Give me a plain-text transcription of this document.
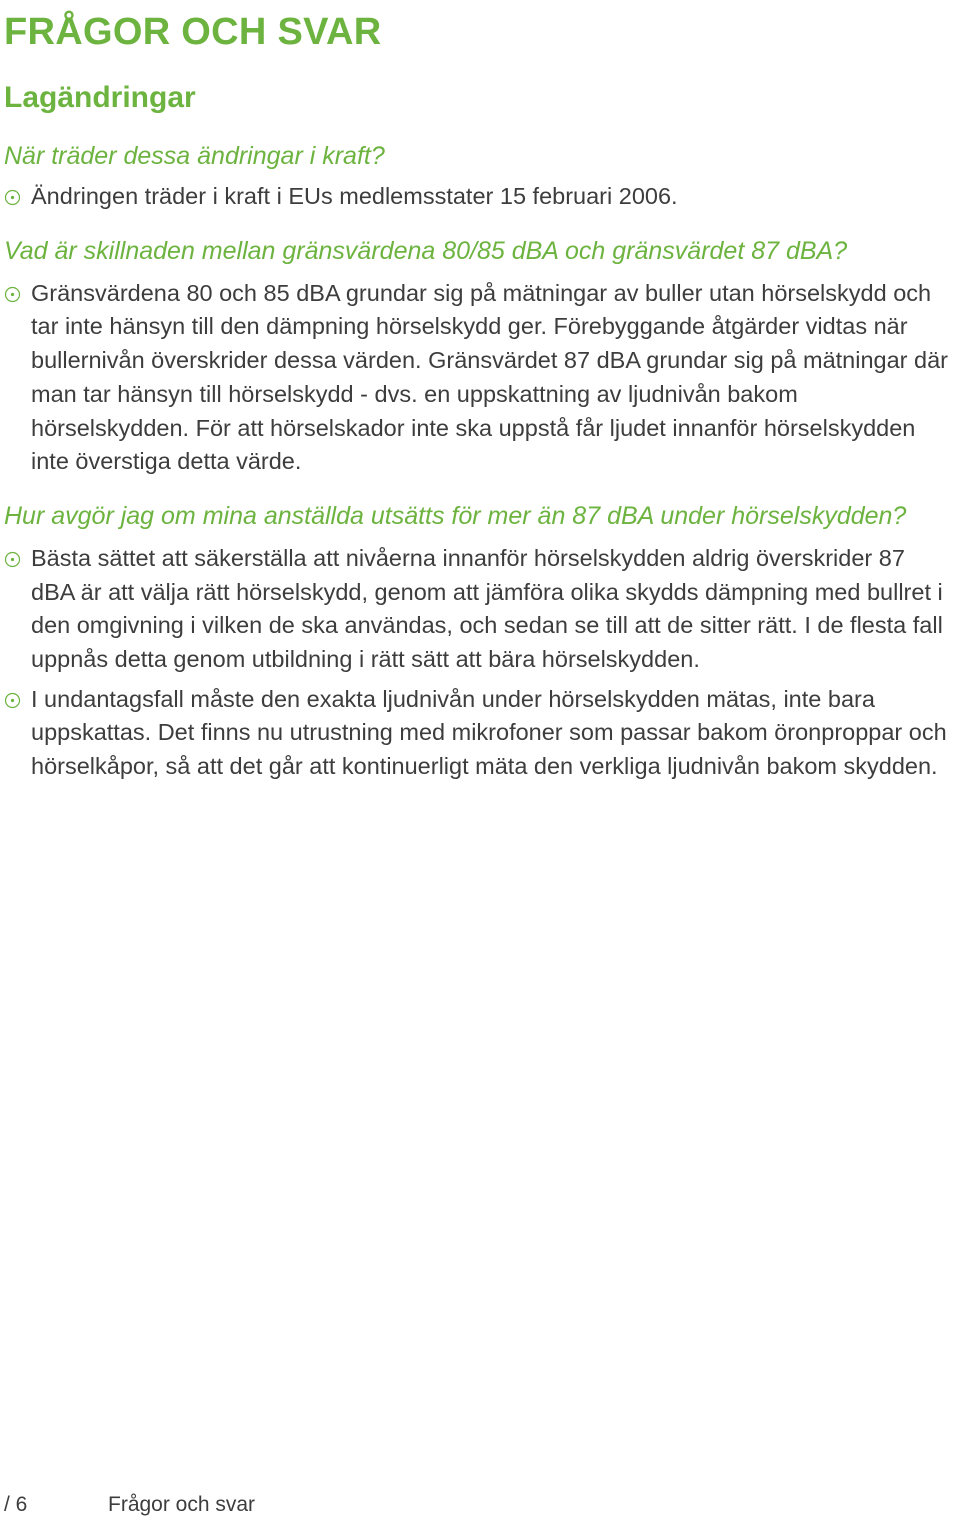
FRÅGOR OCH SVAR
Lagändringar

När träder dessa ändringar i kraft?

Ändringen träder i kraft i EUs medlemsstater 15 februari 2006.

Vad är skillnaden mellan gränsvärdena 80/85 dBA och gränsvärdet 87 dBA?

Gränsvärdena 80 och 85 dBA grundar sig på mätningar av buller utan hörselskydd och tar inte hänsyn till den dämpning hörselskydd ger. Förebyggande åtgärder vidtas när bullernivån överskrider dessa värden. Gränsvärdet 87 dBA grundar sig på mätningar där man tar hänsyn till hörselskydd - dvs. en uppskattning av ljudnivån bakom hörselskydden. För att hörselskador inte ska uppstå får ljudet innanför hörselskydden inte överstiga detta värde.

Hur avgör jag om mina anställda utsätts för mer än 87 dBA under hörselskydden?

Bästa sättet att säkerställa att nivåerna innanför hörselskydden aldrig överskrider 87 dBA är att välja rätt hörselskydd, genom att jämföra olika skydds dämpning med bullret i den omgivning i vilken de ska användas, och sedan se till att de sitter rätt. I de flesta fall uppnås detta genom utbildning i rätt sätt att bära hörselskydden.

I undantagsfall måste den exakta ljudnivån under hörselskydden mätas, inte bara uppskattas. Det finns nu utrustning med mikrofoner som passar bakom öronproppar och hörselkåpor, så att det går att kontinuerligt mäta den verkliga ljudnivån bakom skydden.

/ 6	Frågor och svar
